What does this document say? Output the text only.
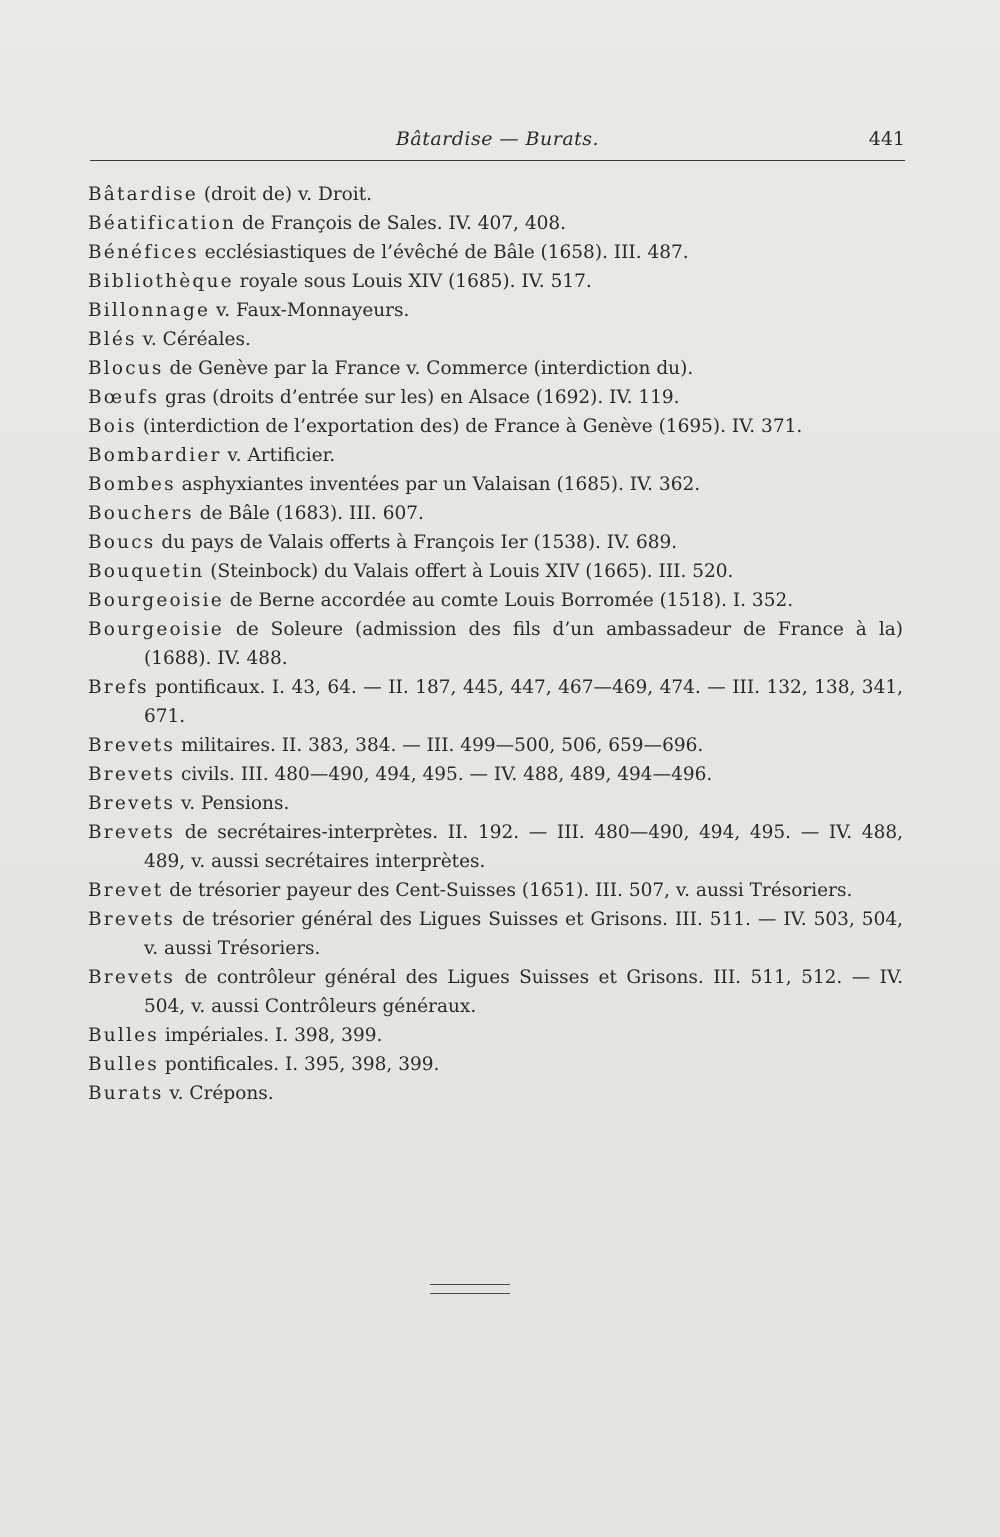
Bâtardise — Burats.	441
Bâtardise (droit de) v. Droit.
Béatification de François de Sales. IV. 407, 408.
Bénéfices ecclésiastiques de l’évêché de Bâle (1658). III. 487.
Bibliothèque royale sous Louis XIV (1685). IV. 517.
Billonnage v. Faux-Monnayeurs.
Blés v. Céréales.
Blocus de Genève par la France v. Commerce (interdiction du).
Bœufs gras (droits d’entrée sur les) en Alsace (1692). IV. 119.
Bois (interdiction de l’exportation des) de France à Genève (1695). IV. 371.
Bombardier v. Artificier.
Bombes asphyxiantes inventées par un Valaisan (1685). IV. 362.
Bouchers de Bâle (1683). III. 607.
Boucs du pays de Valais offerts à François Ier (1538). IV. 689.
Bouquetin (Steinbock) du Valais offert à Louis XIV (1665). III. 520.
Bourgeoisie de Berne accordée au comte Louis Borromée (1518). I. 352.
Bourgeoisie de Soleure (admission des fils d’un ambassadeur de France à la) (1688). IV. 488.
Brefs pontificaux. I. 43, 64. — II. 187, 445, 447, 467—469, 474. — III. 132, 138, 341, 671.
Brevets militaires. II. 383, 384. — III. 499—500, 506, 659—696.
Brevets civils. III. 480—490, 494, 495. — IV. 488, 489, 494—496.
Brevets v. Pensions.
Brevets de secrétaires-interprètes. II. 192. — III. 480—490, 494, 495. — IV. 488, 489, v. aussi secrétaires interprètes.
Brevet de trésorier payeur des Cent-Suisses (1651). III. 507, v. aussi Trésoriers.
Brevets de trésorier général des Ligues Suisses et Grisons. III. 511. — IV. 503, 504, v. aussi Trésoriers.
Brevets de contrôleur général des Ligues Suisses et Grisons. III. 511, 512. — IV. 504, v. aussi Contrôleurs généraux.
Bulles impériales. I. 398, 399.
Bulles pontificales. I. 395, 398, 399.
Burats v. Crépons.
